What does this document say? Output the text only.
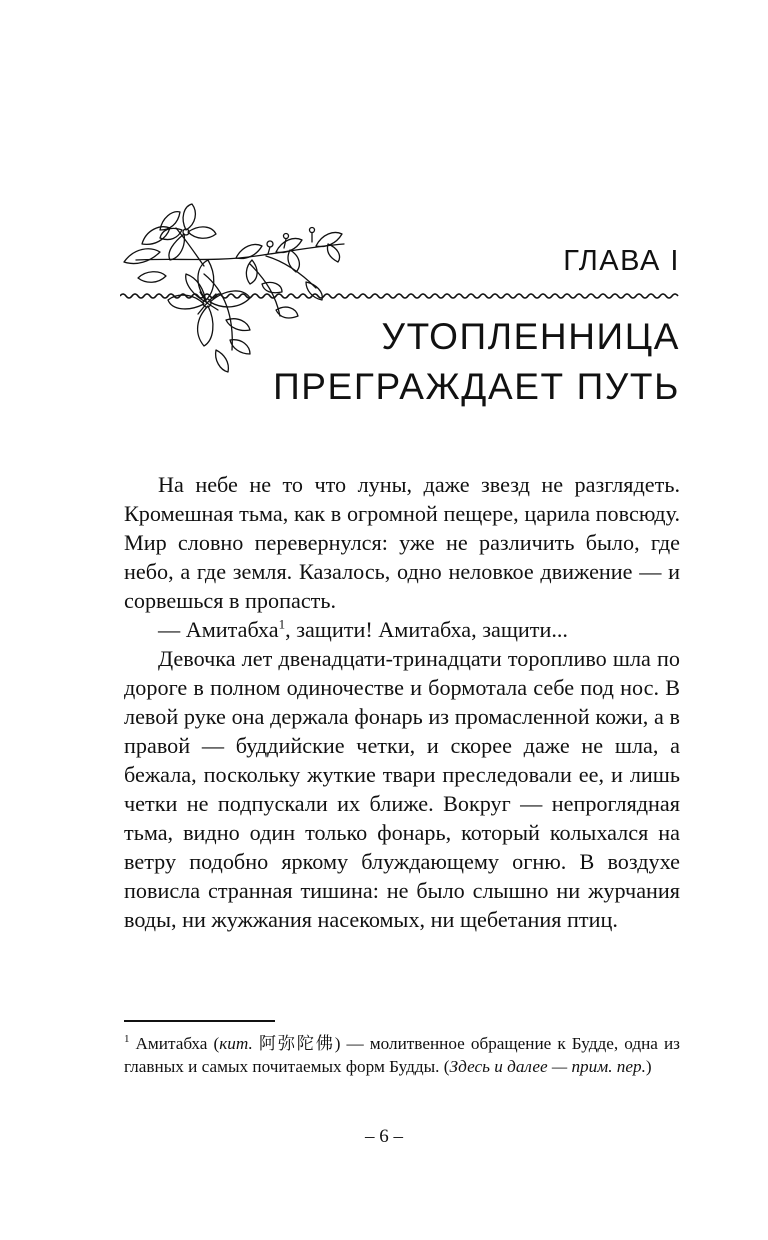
ГЛАВА I
УТОПЛЕННИЦА
ПРЕГРАЖДАЕТ ПУТЬ

На небе не то что луны, даже звезд не разглядеть. Кромешная тьма, как в огромной пещере, царила повсюду. Мир словно перевернулся: уже не различить было, где небо, а где земля. Казалось, одно неловкое движение — и сорвешься в пропасть.

— Амитабха$^1$, защити! Амитабха, защити...

Девочка лет двенадцати-тринадцати торопливо шла по дороге в полном одиночестве и бормотала себе под нос. В левой руке она держала фонарь из промасленной кожи, а в правой — буддийские четки, и скорее даже не шла, а бежала, поскольку жуткие твари преследовали ее, и лишь четки не подпускали их ближе. Вокруг — непроглядная тьма, видно один только фонарь, который колыхался на ветру подобно яркому блуждающему огню. В воздухе повисла странная тишина: не было слышно ни журчания воды, ни жужжания насекомых, ни щебетания птиц.

$^1$ Амитабха (кит. 阿弥陀佛) — молитвенное обращение к Будде, одна из главных и самых почитаемых форм Будды. (Здесь и далее — прим. пер.)
– 6 –
